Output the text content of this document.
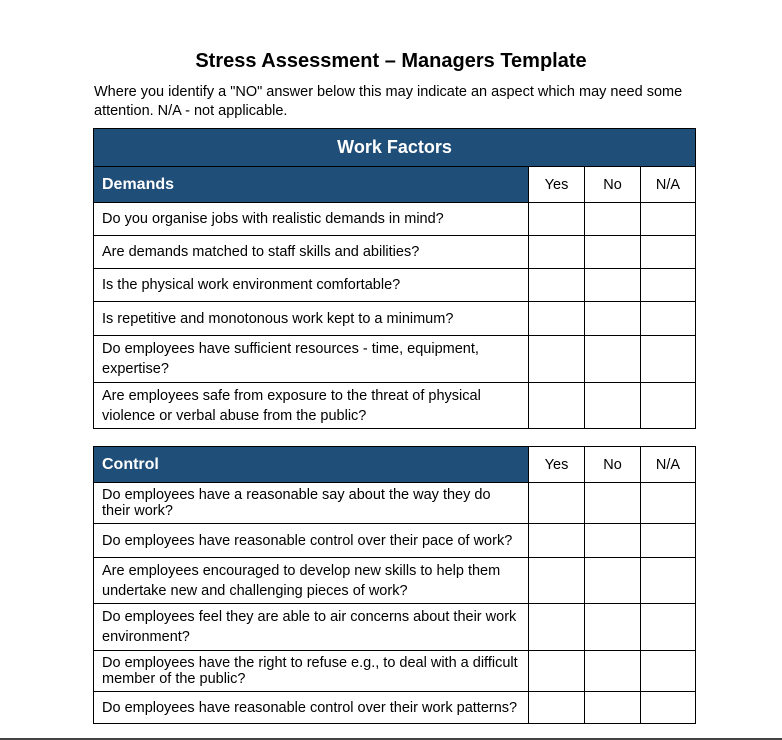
Stress Assessment – Managers Template
Where you identify a "NO" answer below this may indicate an aspect which may need some attention. N/A - not applicable.
Work Factors			
Demands	Yes	No	N/A
Do you organise jobs with realistic demands in mind?			
Are demands matched to staff skills and abilities?			
Is the physical work environment comfortable?			
Is repetitive and monotonous work kept to a minimum?			
Do employees have sufficient resources - time, equipment, expertise?			
Are employees safe from exposure to the threat of physical violence or verbal abuse from the public?			
Control	Yes	No	N/A
Do employees have a reasonable say about the way they do their work?			
Do employees have reasonable control over their pace of work?			
Are employees encouraged to develop new skills to help them undertake new and challenging pieces of work?			
Do employees feel they are able to air concerns about their work environment?			
Do employees have the right to refuse e.g., to deal with a difficult member of the public?			
Do employees have reasonable control over their work patterns?			
